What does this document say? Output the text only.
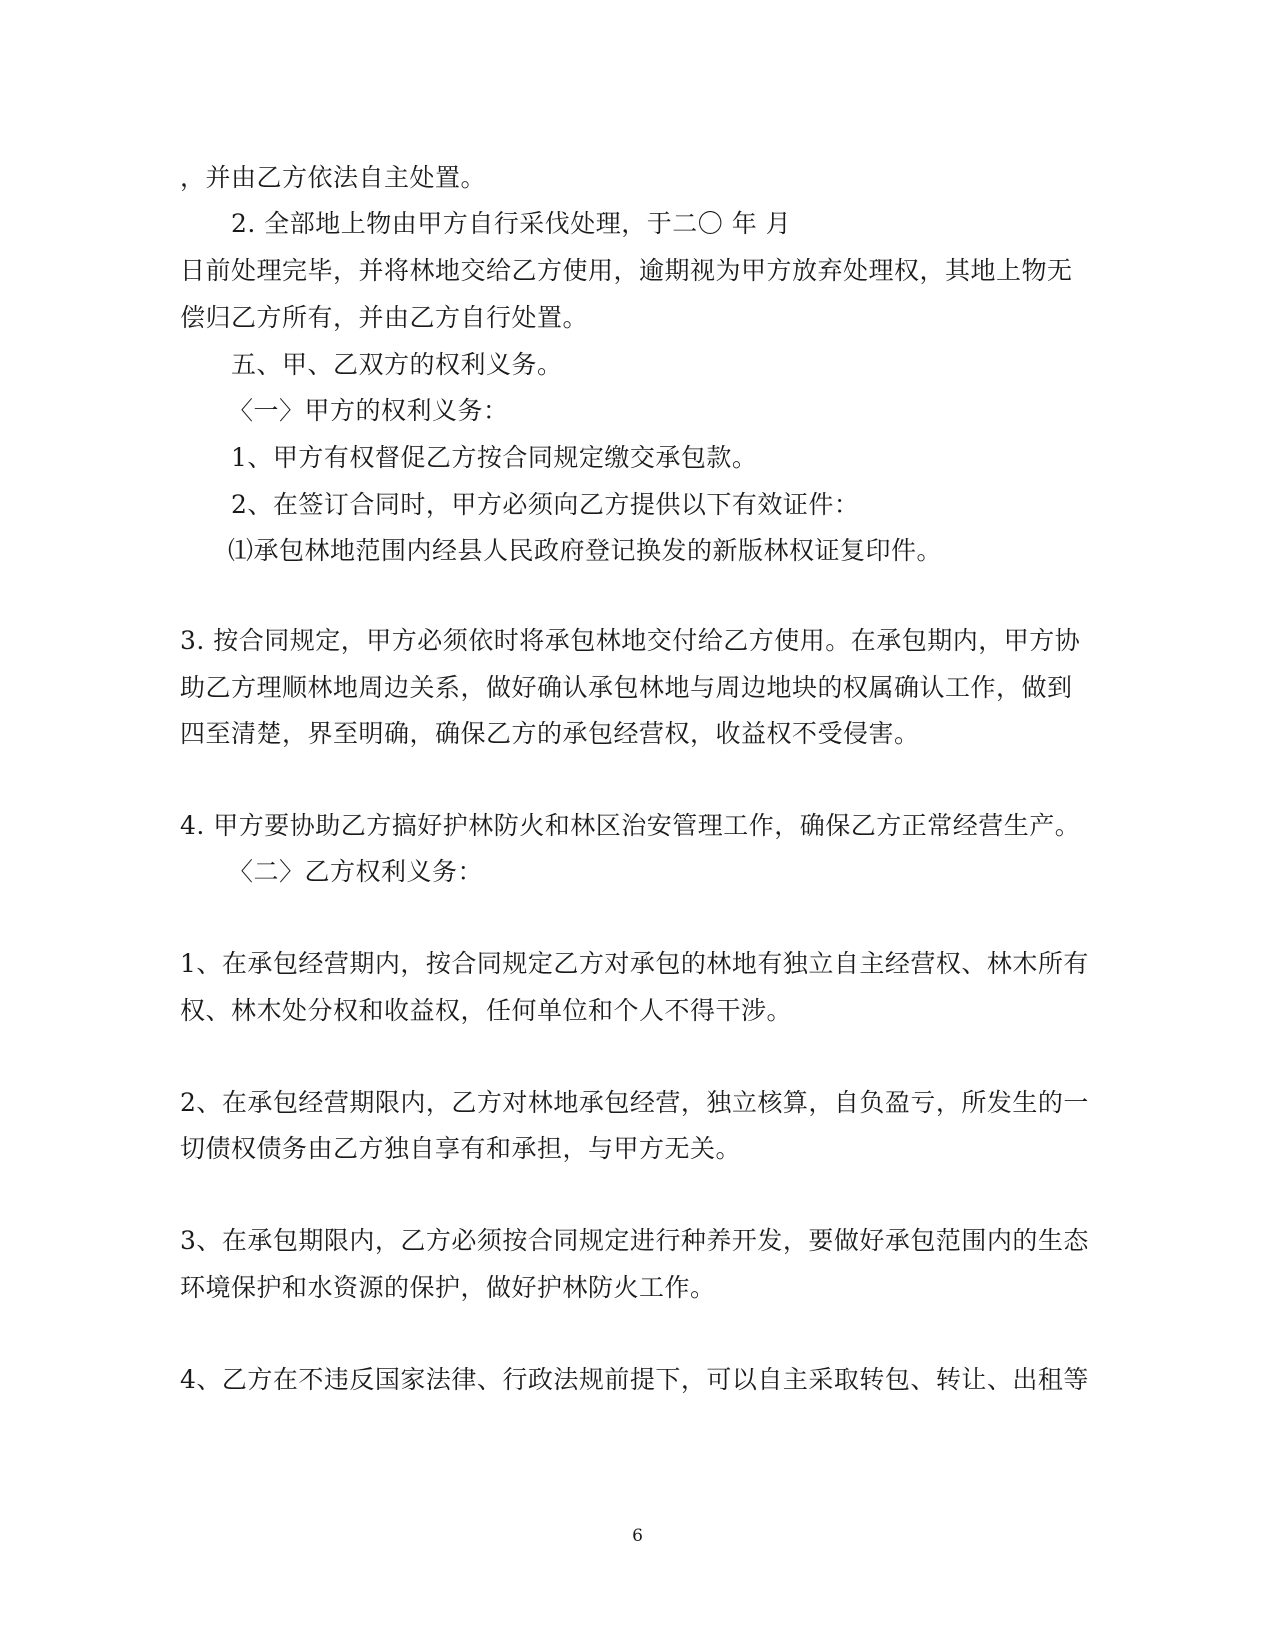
，并由乙方依法自主处置。
2. 全部地上物由甲方自行采伐处理，于二〇 年 月
日前处理完毕，并将林地交给乙方使用，逾期视为甲方放弃处理权，其地上物无
偿归乙方所有，并由乙方自行处置。
五、甲、乙双方的权利义务。
〈一〉甲方的权利义务：
1、甲方有权督促乙方按合同规定缴交承包款。
2、在签订合同时，甲方必须向乙方提供以下有效证件：
⑴承包林地范围内经县人民政府登记换发的新版林权证复印件。
3. 按合同规定，甲方必须依时将承包林地交付给乙方使用。在承包期内，甲方协
助乙方理顺林地周边关系，做好确认承包林地与周边地块的权属确认工作，做到
四至清楚，界至明确，确保乙方的承包经营权，收益权不受侵害。
4. 甲方要协助乙方搞好护林防火和林区治安管理工作，确保乙方正常经营生产。
〈二〉乙方权利义务：
1、在承包经营期内，按合同规定乙方对承包的林地有独立自主经营权、林木所有
权、林木处分权和收益权，任何单位和个人不得干涉。
2、在承包经营期限内，乙方对林地承包经营，独立核算，自负盈亏，所发生的一
切债权债务由乙方独自享有和承担，与甲方无关。
3、在承包期限内，乙方必须按合同规定进行种养开发，要做好承包范围内的生态
环境保护和水资源的保护，做好护林防火工作。
4、乙方在不违反国家法律、行政法规前提下，可以自主采取转包、转让、出租等
6
